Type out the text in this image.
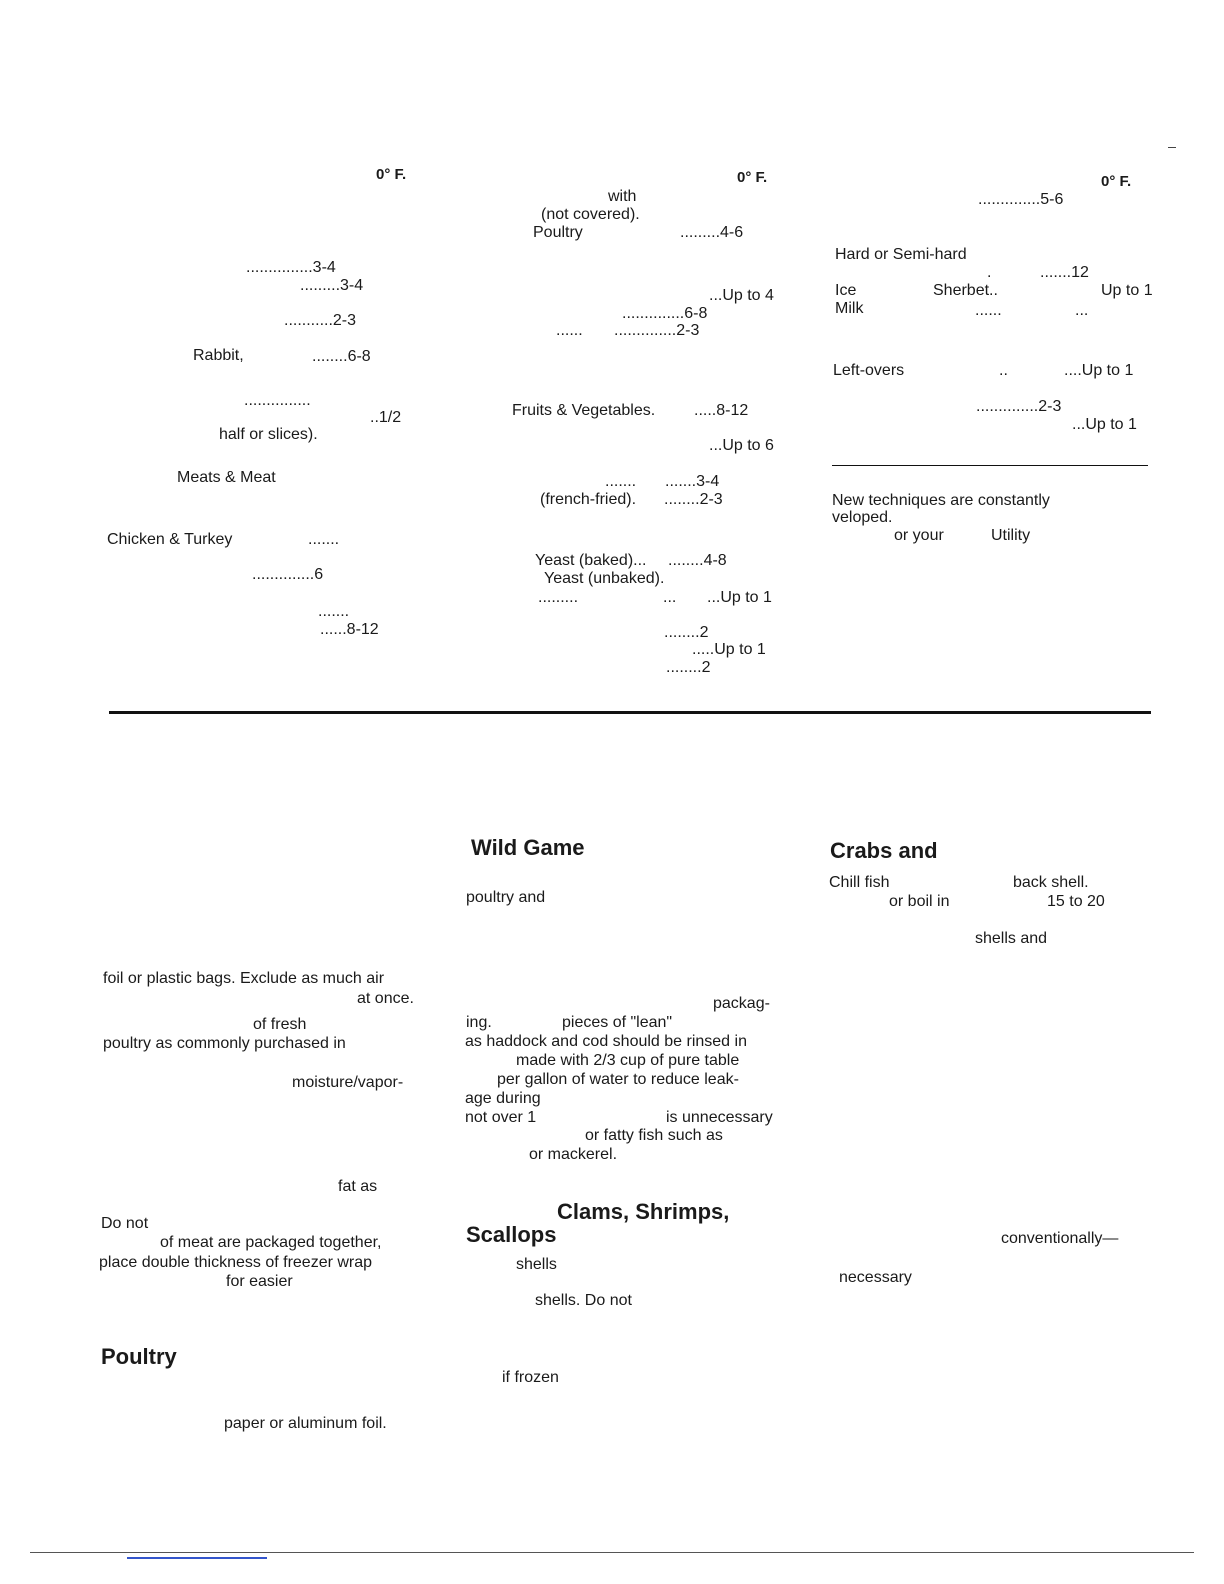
0° F.
...............3-4
.........3-4
...........2-3
Rabbit,	........6-8
...............
..1/2
half or slices).
Meats & Meat
Chicken & Turkey	.......
..............6
.......
......8-12
0° F.
with
(not covered).
Poultry	.........4-6
...Up to 4
..............6-8
...... ..............2-3
Fruits & Vegetables. .....8-12
...Up to 6
....... .......3-4
(french-fried). ........2-3
Yeast (baked)... ........4-8
Yeast (unbaked).
.........	... ...Up to 1
........2
.....Up to 1
........2
0° F.
..............5-6
Hard or Semi-hard
.	.......12
Ice	Sherbet..	Up to 1
Milk	......	...
Left-overs	..	....Up to 1
..............2-3
...Up to 1
New techniques are constantly
veloped.
or your	Utility
foil or plastic bags. Exclude as much air
at once.
of fresh
poultry as commonly purchased in
moisture/vapor-
fat as
Do not
of meat are packaged together,
place double thickness of freezer wrap
for easier
Poultry
paper or aluminum foil.
Wild Game
poultry and
packag-
ing.	pieces of "lean"
as haddock and cod should be rinsed in
made with 2/3 cup of pure table
per gallon of water to reduce leak-
age during
not over 1	is unnecessary
or fatty fish such as
or mackerel.
Clams, Shrimps,
Scallops
shells
shells. Do not
if frozen
Crabs and
Chill fish	back shell.
or boil in	15 to 20
shells and
conventionally—
necessary
